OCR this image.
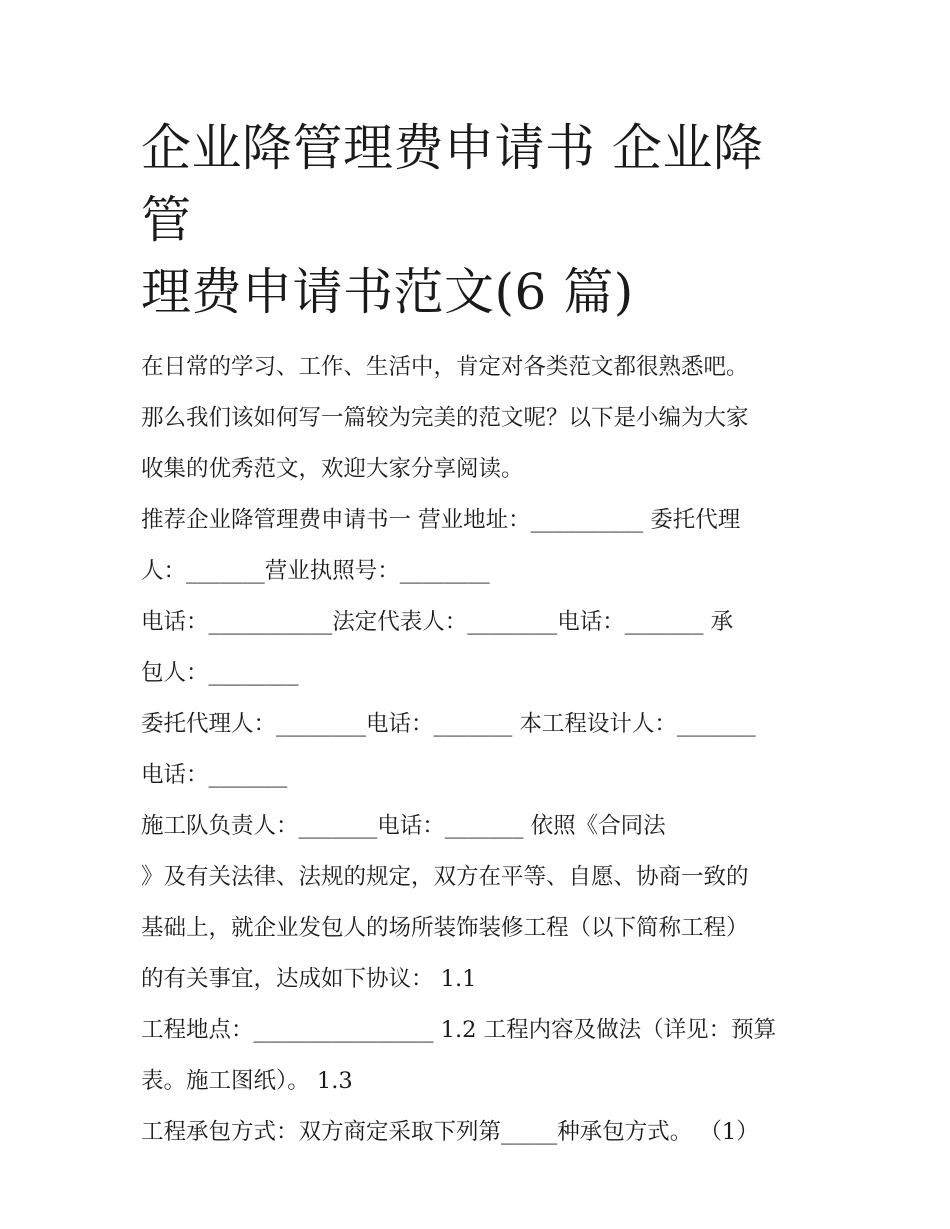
企业降管理费申请书 企业降管
理费申请书范文(6 篇)

在日常的学习、工作、生活中，肯定对各类范文都很熟悉吧。
那么我们该如何写一篇较为完美的范文呢？以下是小编为大家
收集的优秀范文，欢迎大家分享阅读。

推荐企业降管理费申请书一 营业地址：__________ 委托代理
人：_______营业执照号：________

电话：___________法定代表人：________电话：_______ 承
包人：________

委托代理人：________电话：_______ 本工程设计人：_______
电话：_______

施工队负责人：_______电话：_______ 依照《合同法
》及有关法律、法规的规定，双方在平等、自愿、协商一致的
基础上，就企业发包人的场所装饰装修工程（以下简称工程）
的有关事宜，达成如下协议： 1.1

工程地点：________________ 1.2 工程内容及做法（详见：预算
表。施工图纸）。 1.3

工程承包方式：双方商定采取下列第_____种承包方式。 （1）
